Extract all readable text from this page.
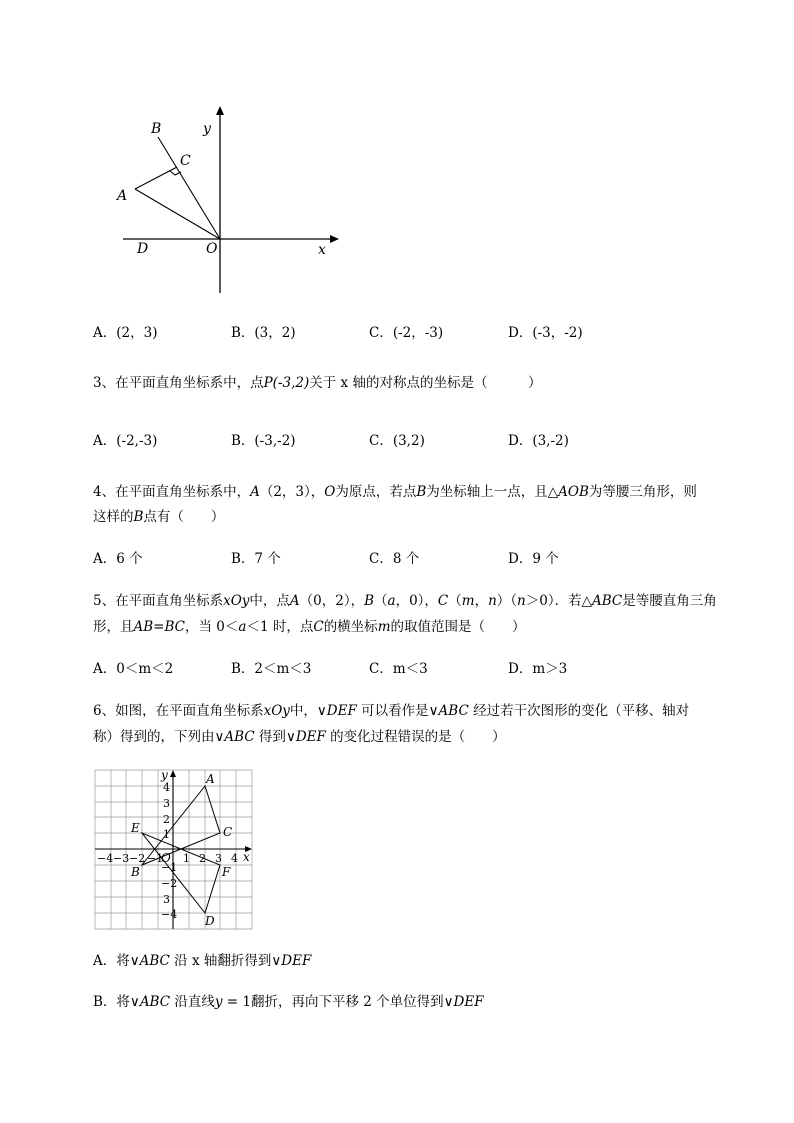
B	y
C
A
D	O	x
A．(2，3)	B．(3，2)	C．(-2，-3)	D．(-3，-2)
3、在平面直角坐标系中，点P(-3,2)关于 x 轴的对称点的坐标是（　　　）
A．(-2,-3)	B．(-3,-2)	C．(3,2)	D．(3,-2)
4、在平面直角坐标系中，A（2，3），O为原点，若点B为坐标轴上一点，且△AOB为等腰三角形，则
这样的B点有（　　）
A．6 个	B．7 个	C．8 个	D．9 个
5、在平面直角坐标系xOy中，点A（0，2），B（a，0），C（m，n）（n＞0）．若△ABC是等腰直角三角
形，且AB=BC，当 0＜a＜1 时，点C的横坐标m的取值范围是（　　）
A．0＜m＜2	B．2＜m＜3	C．m＜3	D．m＞3
6、如图，在平面直角坐标系xOy中，∨DEF 可以看作是∨ABC 经过若干次图形的变化（平移、轴对
称）得到的，下列由∨ABC 得到∨DEF 的变化过程错误的是（　　）
−4 −3 −2 −1 1 2 3 4
4
3
2
1
−1
−2
3
−4
y
x
O
A
B
C
D
E
F
A．将∨ABC 沿 x 轴翻折得到∨DEF
B．将∨ABC 沿直线y = 1翻折，再向下平移 2 个单位得到∨DEF
